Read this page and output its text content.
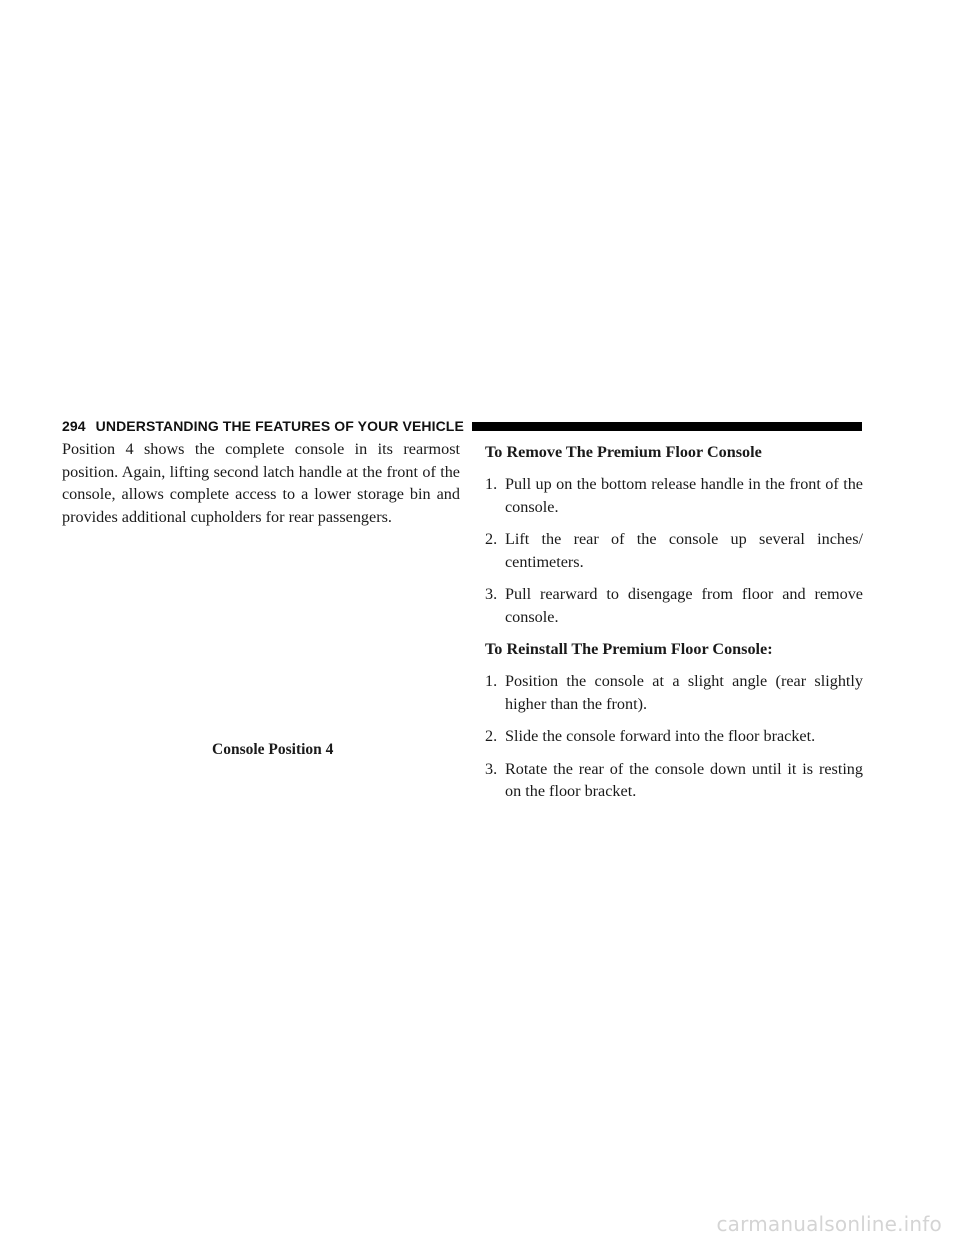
294 UNDERSTANDING THE FEATURES OF YOUR VEHICLE

Position 4 shows the complete console in its rearmost position. Again, lifting second latch handle at the front of the console, allows complete access to a lower storage bin and provides additional cupholders for rear passengers.

Console Position 4

To Remove The Premium Floor Console

1. Pull up on the bottom release handle in the front of the console.

2. Lift the rear of the console up several inches/ centimeters.

3. Pull rearward to disengage from floor and remove console.

To Reinstall The Premium Floor Console:

1. Position the console at a slight angle (rear slightly higher than the front).

2. Slide the console forward into the floor bracket.

3. Rotate the rear of the console down until it is resting on the floor bracket.

carmanualsonline.info
